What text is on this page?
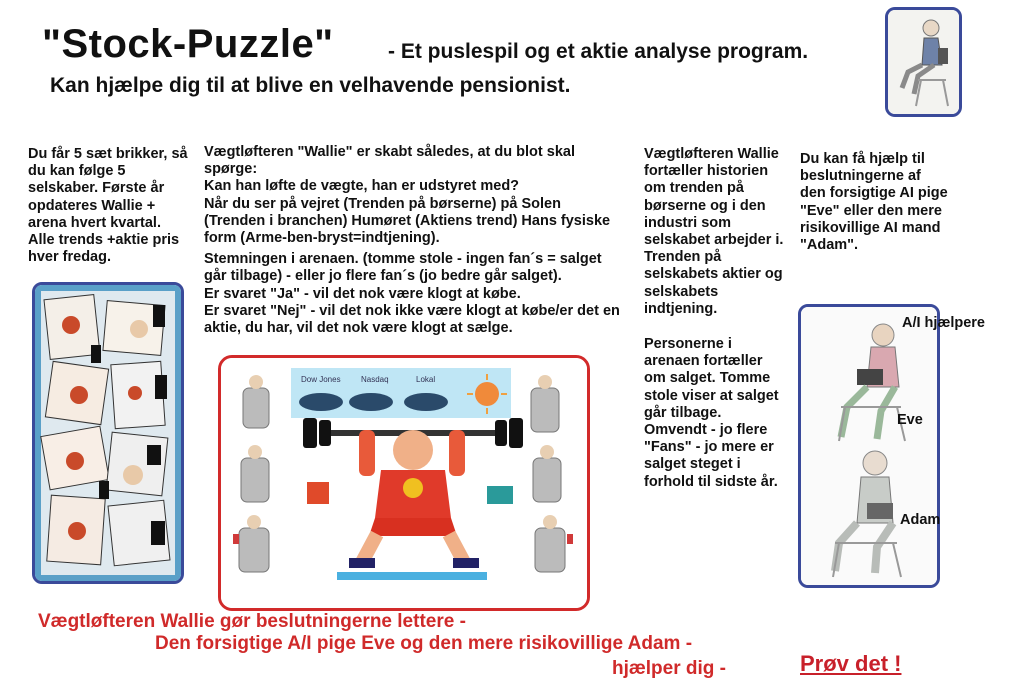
"Stock-Puzzle"	- Et puslespil og et aktie analyse program.
Kan hjælpe dig til at blive en velhavende pensionist.
Du får 5 sæt brikker, så du kan følge 5 selskaber. Første år opdateres Wallie + arena hvert kvartal. Alle trends +aktie pris hver fredag.

Vægtløfteren "Wallie" er skabt således, at du blot skal spørge:

Kan han løfte de vægte, han er udstyret med?

Når du ser på vejret (Trenden på børserne) på Solen (Trenden i branchen) Humøret (Aktiens trend) Hans fysiske form (Arme-ben-bryst=indtjening).

Stemningen i arenaen. (tomme stole - ingen fan´s = salget går tilbage) - eller jo flere fan´s (jo bedre går salget).

Er svaret "Ja" - vil det nok være klogt at købe.

Er svaret "Nej" - vil det nok ikke være klogt at købe/er det en aktie, du har, vil det nok være klogt at sælge.

Dow Jones	Nasdaq	Lokal

Vægtløfteren Wallie fortæller historien om trenden på børserne og i den industri som selskabet arbejder i. Trenden på selskabets aktier og selskabets indtjening.

Personerne i arenaen fortæller om salget. Tomme stole viser at salget går tilbage. Omvendt - jo flere "Fans" - jo mere er salget steget i forhold til sidste år.

Du kan få hjælp til beslutningerne af den forsigtige AI pige "Eve" eller den mere risikovillige AI mand "Adam".
A/I hjælpere
Eve
Adam
Vægtløfteren Wallie gør beslutningerne lettere -
Den forsigtige A/I pige Eve og den mere risikovillige Adam -
hjælper dig -	Prøv det !
